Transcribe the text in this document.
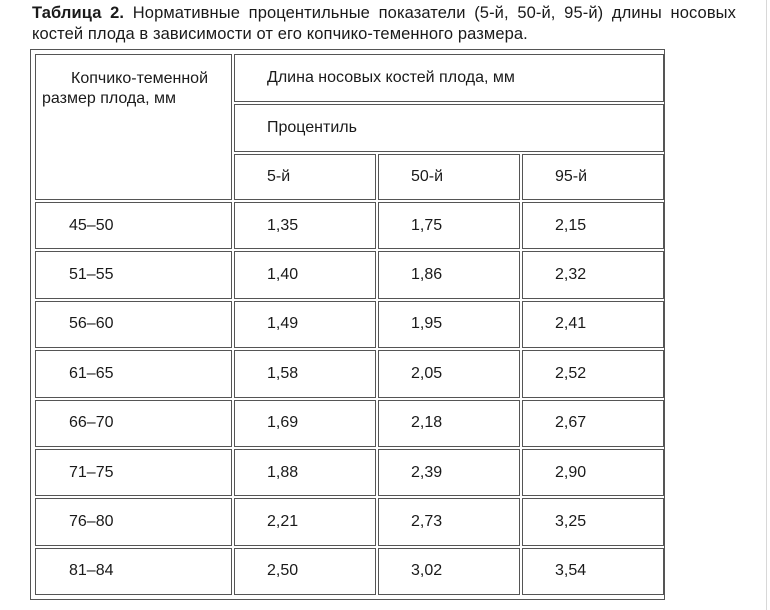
Таблица 2. Нормативные процентильные показатели (5-й, 50-й, 95-й) длины носовых костей плода в зависимости от его копчико-теменного размера.
Копчико-теменной
размер плода, мм	Длина носовых костей плода, мм		
	Процентиль		
	5-й	50-й	95-й
45–50	1,35	1,75	2,15
51–55	1,40	1,86	2,32
56–60	1,49	1,95	2,41
61–65	1,58	2,05	2,52
66–70	1,69	2,18	2,67
71–75	1,88	2,39	2,90
76–80	2,21	2,73	3,25
81–84	2,50	3,02	3,54
